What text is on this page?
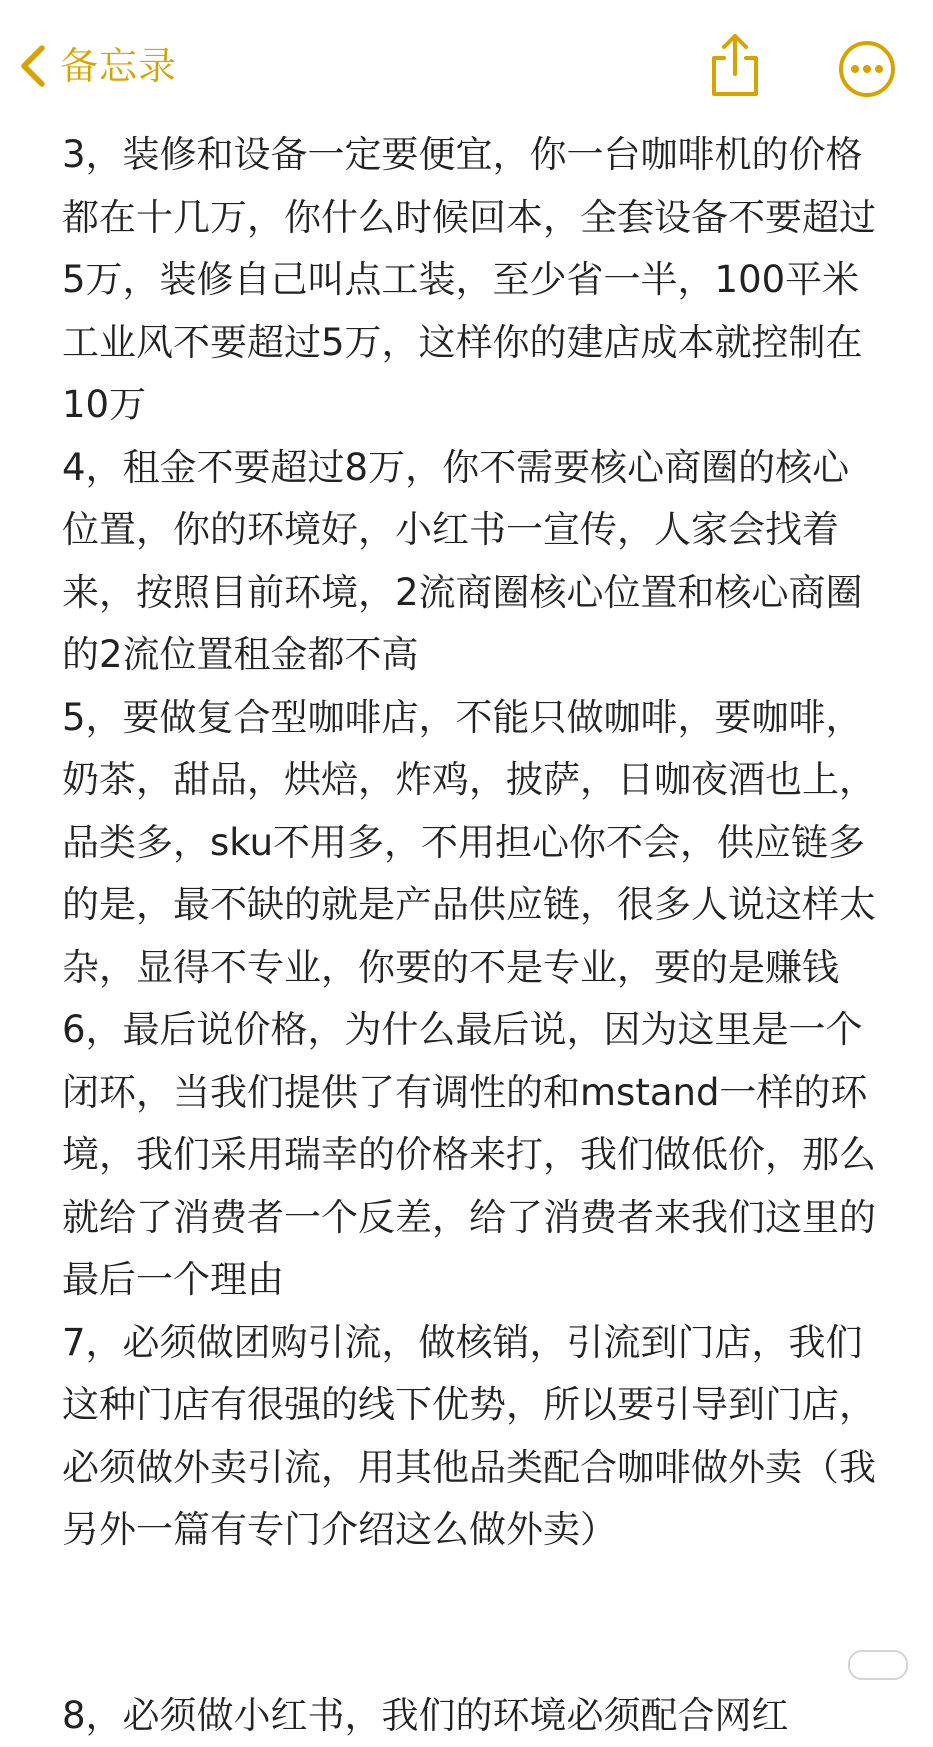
备忘录

3，装修和设备一定要便宜，你一台咖啡机的价格都在十几万，你什么时候回本，全套设备不要超过5万，装修自己叫点工装，至少省一半，100平米工业风不要超过5万，这样你的建店成本就控制在10万

4，租金不要超过8万，你不需要核心商圈的核心位置，你的环境好，小红书一宣传，人家会找着来，按照目前环境，2流商圈核心位置和核心商圈的2流位置租金都不高

5，要做复合型咖啡店，不能只做咖啡，要咖啡，奶茶，甜品，烘焙，炸鸡，披萨，日咖夜酒也上，品类多，sku不用多，不用担心你不会，供应链多的是，最不缺的就是产品供应链，很多人说这样太杂，显得不专业，你要的不是专业，要的是赚钱

6，最后说价格，为什么最后说，因为这里是一个闭环，当我们提供了有调性的和mstand一样的环境，我们采用瑞幸的价格来打，我们做低价，那么就给了消费者一个反差，给了消费者来我们这里的最后一个理由

7，必须做团购引流，做核销，引流到门店，我们这种门店有很强的线下优势，所以要引导到门店，必须做外卖引流，用其他品类配合咖啡做外卖（我另外一篇有专门介绍这么做外卖）

8，必须做小红书，我们的环境必须配合网红
